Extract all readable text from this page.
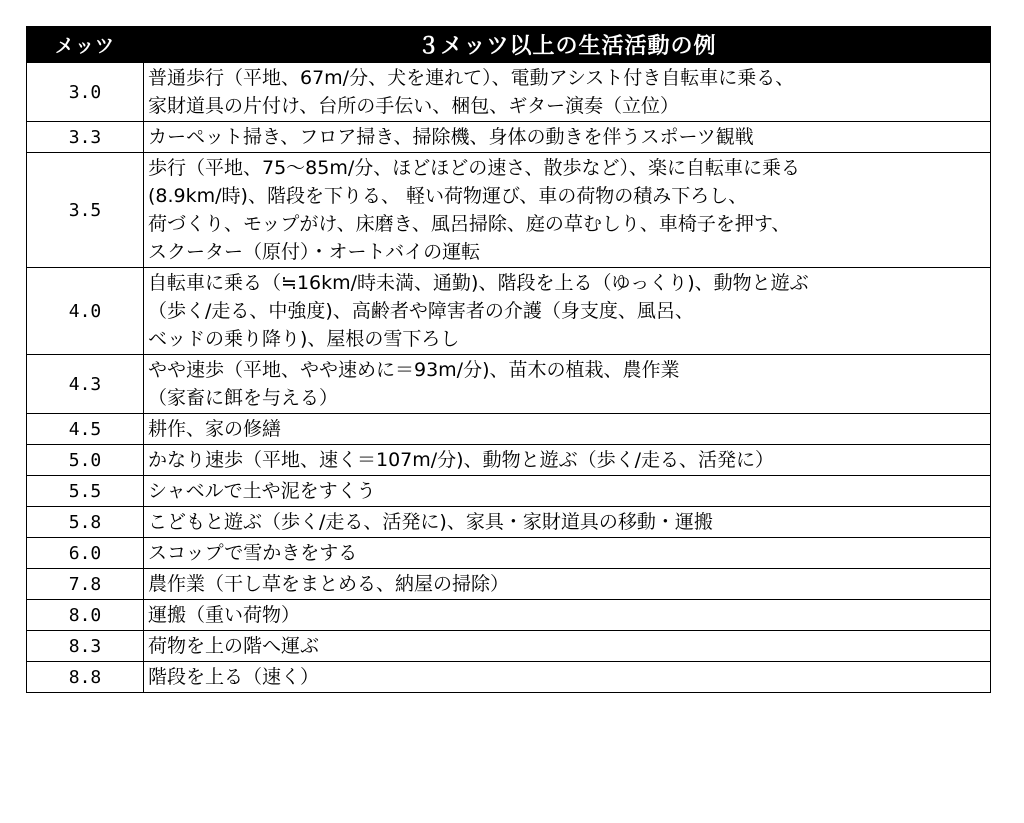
メッツ	３メッツ以上の生活活動の例
3.0	普通歩行（平地、67m/分、犬を連れて）、電動アシスト付き自転車に乗る、
家財道具の片付け、台所の手伝い、梱包、ギター演奏（立位）

3.3	カーペット掃き、フロア掃き、掃除機、身体の動きを伴うスポーツ観戦

3.5	歩行（平地、75～85m/分、ほどほどの速さ、散歩など）、楽に自転車に乗る
(8.9km/時)、階段を下りる、 軽い荷物運び、車の荷物の積み下ろし、
荷づくり、モップがけ、床磨き、風呂掃除、庭の草むしり、車椅子を押す、
スクーター（原付）・オートバイの運転

4.0	自転車に乗る（≒16km/時未満、通勤)、階段を上る（ゆっくり)、動物と遊ぶ
（歩く/走る、中強度)、高齢者や障害者の介護（身支度、風呂、
ベッドの乗り降り)、屋根の雪下ろし

4.3	やや速歩（平地、やや速めに＝93m/分)、苗木の植栽、農作業
（家畜に餌を与える）

4.5	耕作、家の修繕

5.0	かなり速歩（平地、速く＝107m/分)、動物と遊ぶ（歩く/走る、活発に）

5.5	シャベルで土や泥をすくう

5.8	こどもと遊ぶ（歩く/走る、活発に)、家具・家財道具の移動・運搬

6.0	スコップで雪かきをする

7.8	農作業（干し草をまとめる、納屋の掃除）

8.0	運搬（重い荷物）

8.3	荷物を上の階へ運ぶ

8.8	階段を上る（速く）
